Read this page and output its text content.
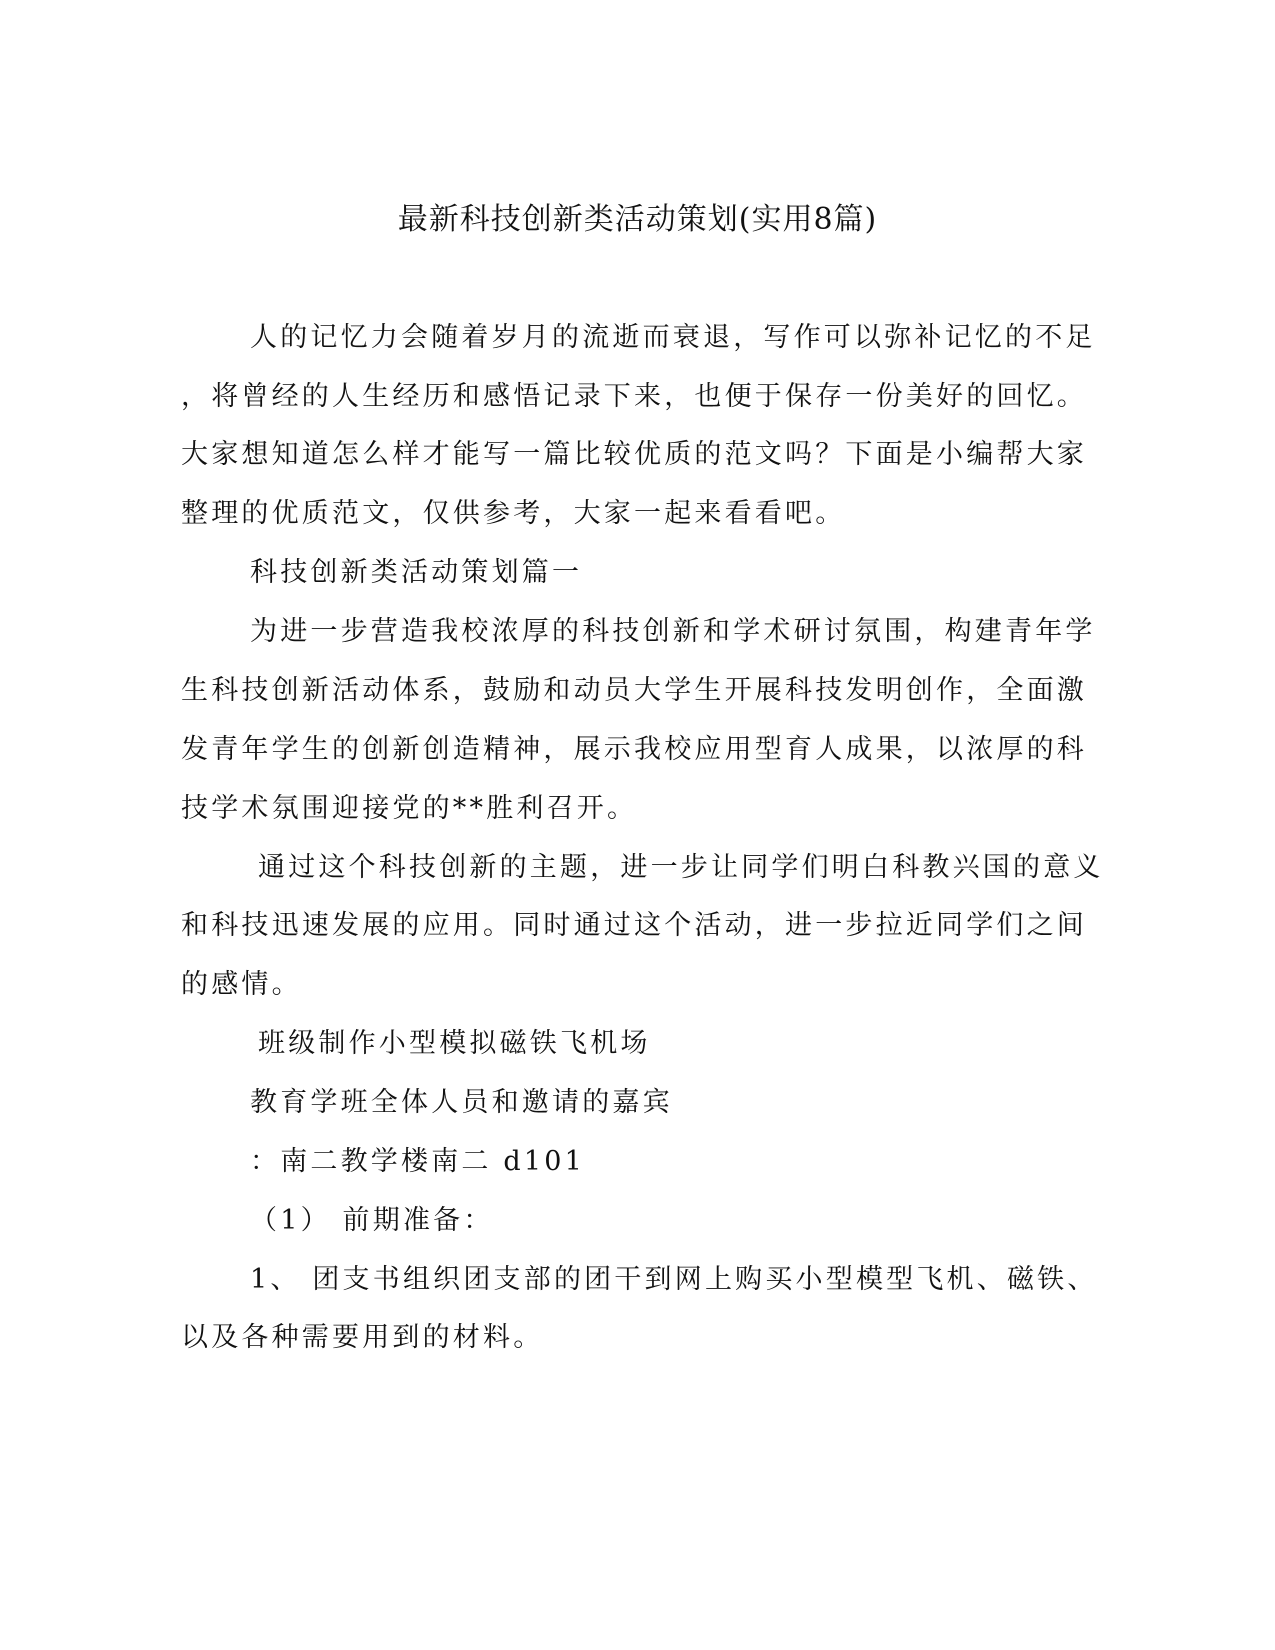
最新科技创新类活动策划(实用8篇)
人的记忆力会随着岁月的流逝而衰退，写作可以弥补记忆的不足
，将曾经的人生经历和感悟记录下来，也便于保存一份美好的回忆。
大家想知道怎么样才能写一篇比较优质的范文吗？下面是小编帮大家
整理的优质范文，仅供参考，大家一起来看看吧。
科技创新类活动策划篇一
为进一步营造我校浓厚的科技创新和学术研讨氛围，构建青年学
生科技创新活动体系，鼓励和动员大学生开展科技发明创作，全面激
发青年学生的创新创造精神，展示我校应用型育人成果，以浓厚的科
技学术氛围迎接党的**胜利召开。
通过这个科技创新的主题，进一步让同学们明白科教兴国的意义
和科技迅速发展的应用。同时通过这个活动，进一步拉近同学们之间
的感情。
班级制作小型模拟磁铁飞机场
教育学班全体人员和邀请的嘉宾
：南二教学楼南二 d101
（1） 前期准备：
1、 团支书组织团支部的团干到网上购买小型模型飞机、磁铁、
以及各种需要用到的材料。
